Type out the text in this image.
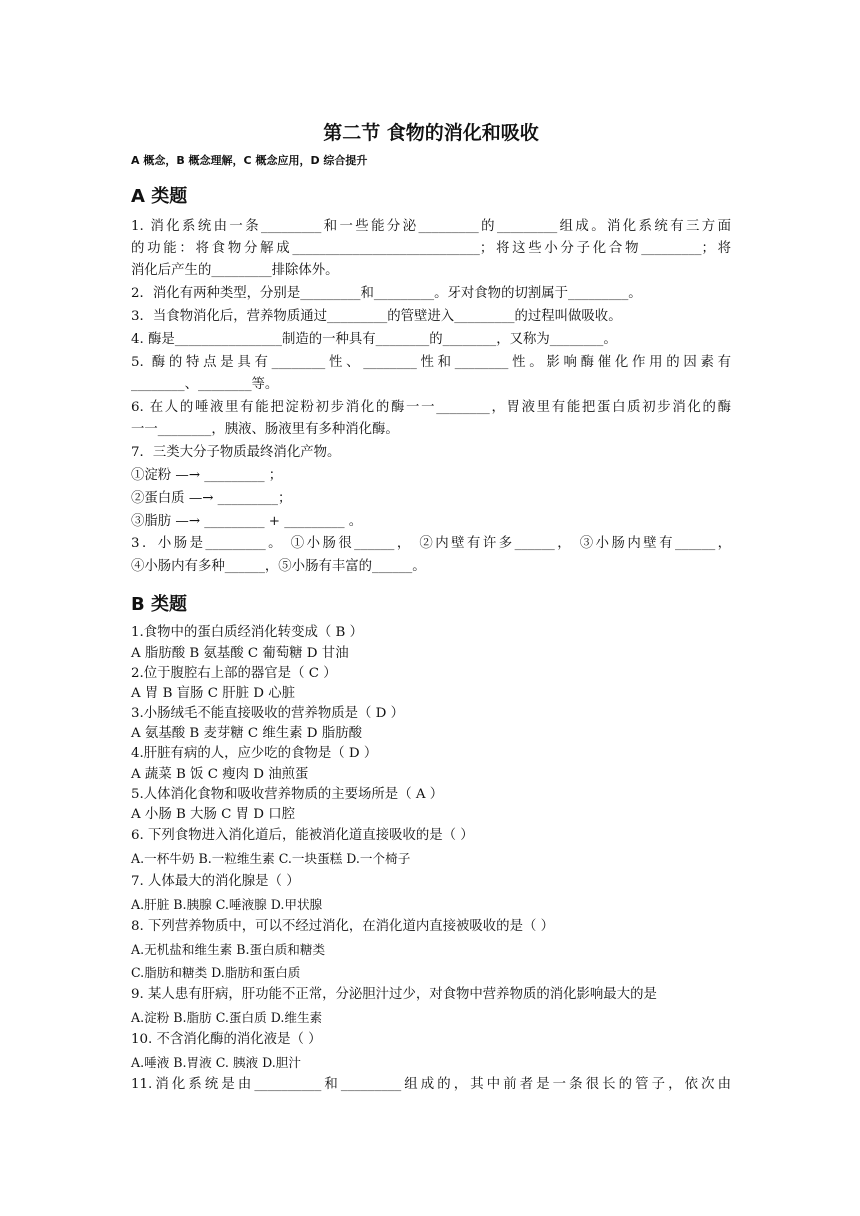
第二节 食物的消化和吸收
A 概念，B 概念理解，C 概念应用，D 综合提升
A 类题
1. 消化系统由一条_________和一些能分泌_________的_________组成。消化系统有三方面
的功能：将食物分解成____________________________；将这些小分子化合物_________；将
消化后产生的_________排除体外。
2．消化有两种类型，分别是_________和_________。牙对食物的切割属于_________。
3．当食物消化后，营养物质通过_________的管壁进入_________的过程叫做吸收。
4. 酶是________________制造的一种具有________的________，又称为________。
5. 酶的特点是具有________性、________性和________性。影响酶催化作用的因素有
________、________等。
6. 在人的唾液里有能把淀粉初步消化的酶一一________，胃液里有能把蛋白质初步消化的酶
一一________，胰液、肠液里有多种消化酶。
7．三类大分子物质最终消化产物。
①淀粉 —→ _________ ；
②蛋白质 —→ _________；
③脂肪 —→ _________ + _________ 。
3．小肠是_________。 ①小肠很______， ②内壁有许多______， ③小肠内壁有______，
④小肠内有多种______，⑤小肠有丰富的______。
B 类题
1.食物中的蛋白质经消化转变成（ B ）
A 脂肪酸 B 氨基酸 C 葡萄糖 D 甘油
2.位于腹腔右上部的器官是（ C ）
A 胃 B 盲肠 C 肝脏 D 心脏
3.小肠绒毛不能直接吸收的营养物质是（ D ）
A 氨基酸 B 麦芽糖 C 维生素 D 脂肪酸
4.肝脏有病的人，应少吃的食物是（ D ）
A 蔬菜 B 饭 C 瘦肉 D 油煎蛋
5.人体消化食物和吸收营养物质的主要场所是（ A ）
A 小肠 B 大肠 C 胃 D 口腔
6. 下列食物进入消化道后，能被消化道直接吸收的是（ ）
A.一杯牛奶 B.一粒维生素 C.一块蛋糕 D.一个椅子
7. 人体最大的消化腺是（ ）
A.肝脏 B.胰腺 C.唾液腺 D.甲状腺
8. 下列营养物质中，可以不经过消化，在消化道内直接被吸收的是（ ）
A.无机盐和维生素 B.蛋白质和糖类
C.脂肪和糖类 D.脂肪和蛋白质
9. 某人患有肝病，肝功能不正常，分泌胆汁过少，对食物中营养物质的消化影响最大的是
A.淀粉 B.脂肪 C.蛋白质 D.维生素
10. 不含消化酶的消化液是（ ）
A.唾液 B.胃液 C. 胰液 D.胆汁
11.消化系统是由__________和_________组成的，其中前者是一条很长的管子，依次由
